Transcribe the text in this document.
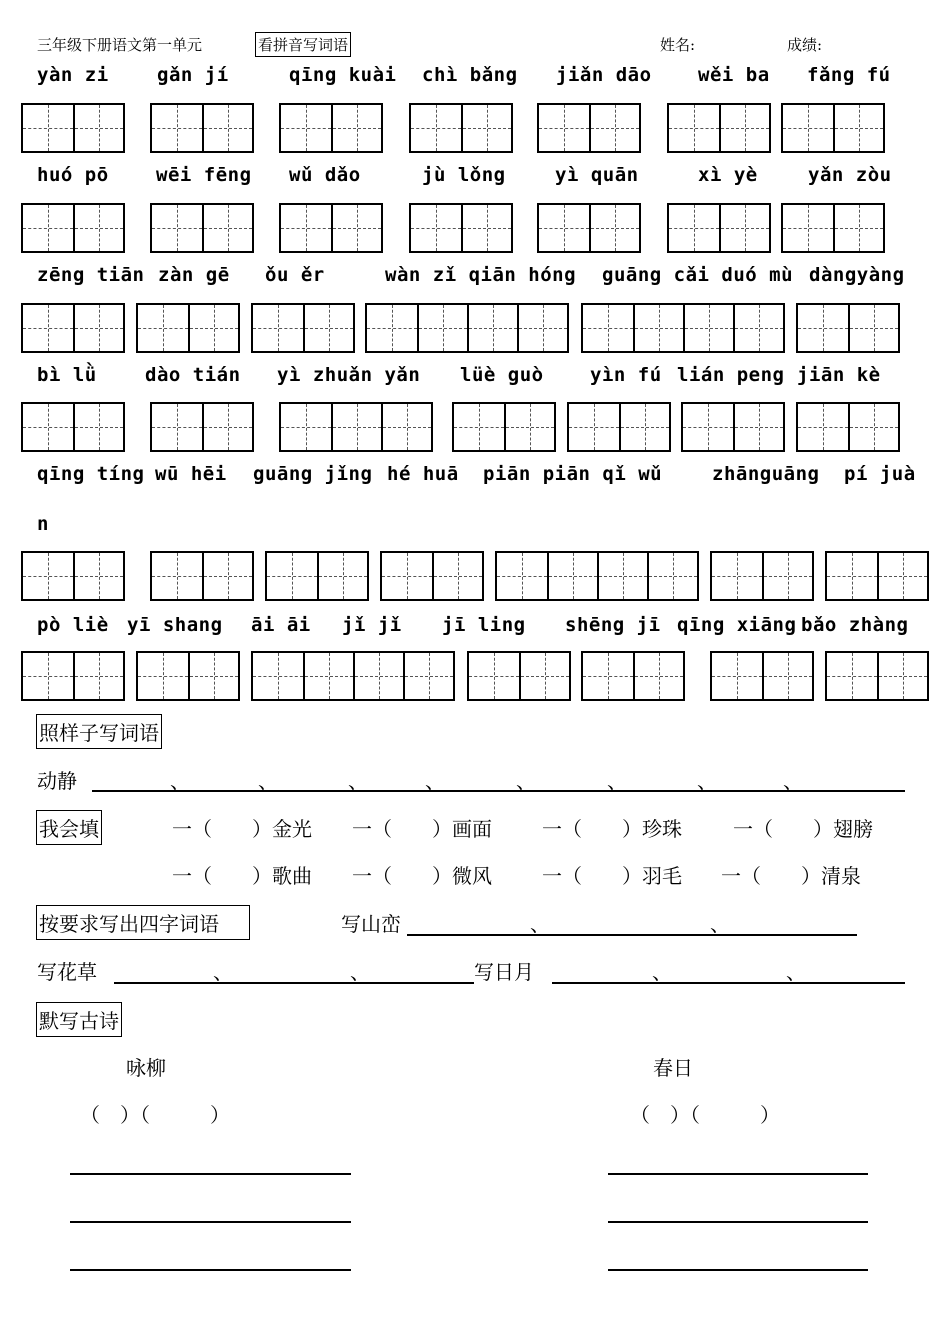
三年级下册语文第一单元	看拼音写词语	姓名:	成绩:
yàn zi	gǎn jí	qīng kuài chì bǎng jiǎn dāo wěi ba fǎng fú
huó pō wēi fēng wǔ dǎo	jù lǒng	yì quān	xì yè	yǎn zòu
zēng tiān zàn gē ǒu ěr	wàn zǐ qiān hóng guāng cǎi duó mù dàngyàng
bì lǜ	dào tián yì zhuǎn yǎn lüè guò yìn fú lián peng jiān kè
qīng tíng wū hēi guāng jǐng hé huā piān piān qǐ wǔ	zhānguāng pí juà
n
pò liè yī shang āi āi jǐ jǐ jī ling shēng jī qīng xiāng bǎo zhàng
照样子写词语
动静	、	、	、	、	、	、	、	、
我会填	一（　　）金光 一（　　）画面	一（　　）珍珠	一（　　）翅膀
一（　　）歌曲 一（　　）微风	一（　　）羽毛 一（　　）清泉
按要求写出四字词语	写山峦	、	、
写花草	、	、	写日月	、	、
默写古诗
咏柳	春日
（　）（　　　）	（　）（　　　）
